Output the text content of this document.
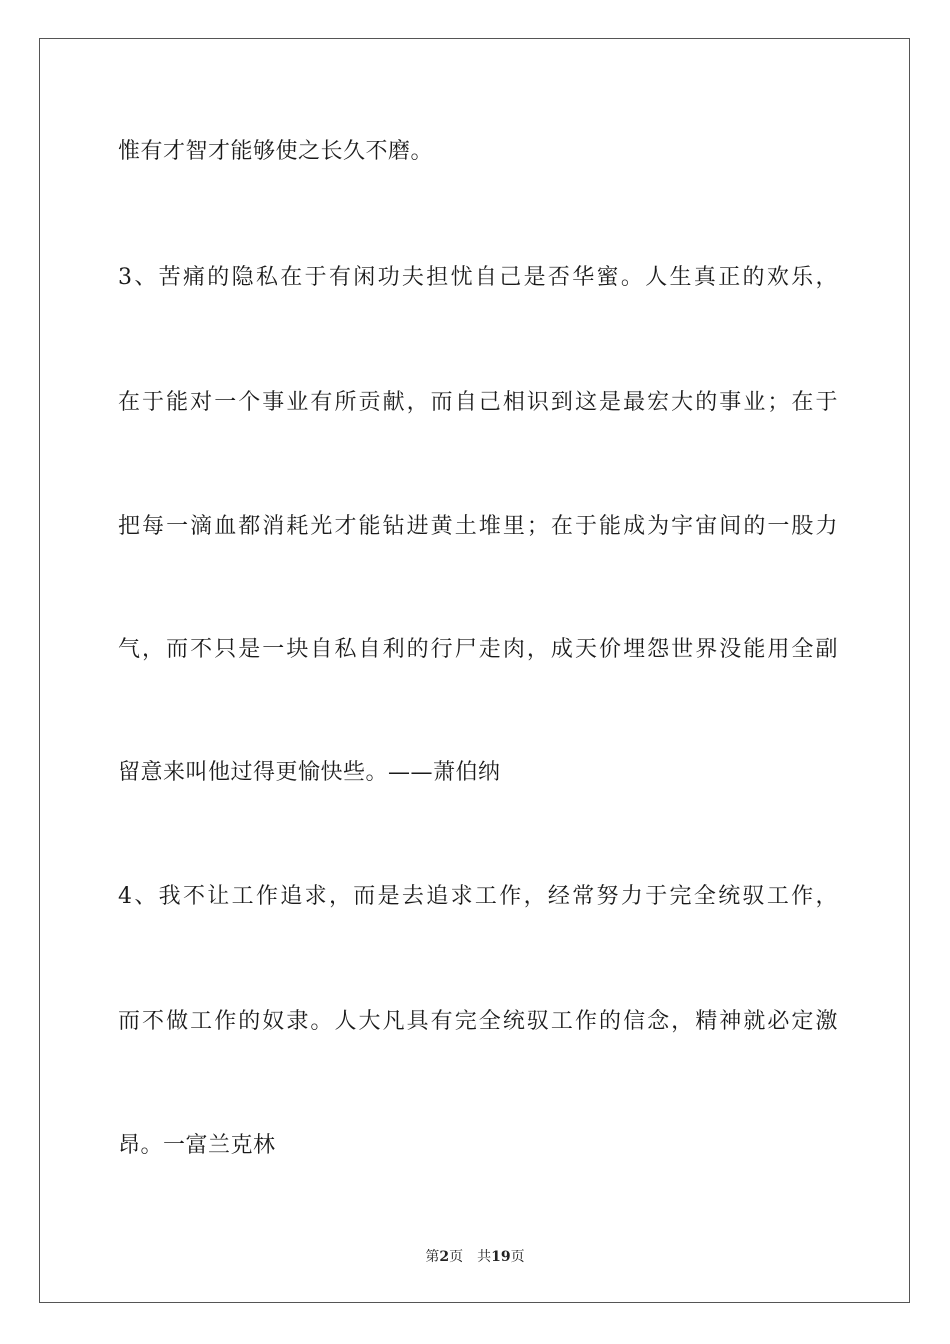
惟有才智才能够使之长久不磨。
3、苦痛的隐私在于有闲功夫担忧自己是否华蜜。人生真正的欢乐，
在于能对一个事业有所贡献，而自己相识到这是最宏大的事业；在于
把每一滴血都消耗光才能钻进黄土堆里；在于能成为宇宙间的一股力
气，而不只是一块自私自利的行尸走肉，成天价埋怨世界没能用全副
留意来叫他过得更愉快些。——萧伯纳
4、我不让工作追求，而是去追求工作，经常努力于完全统驭工作，
而不做工作的奴隶。人大凡具有完全统驭工作的信念，精神就必定激
昂。一富兰克林
第2页 共19页
